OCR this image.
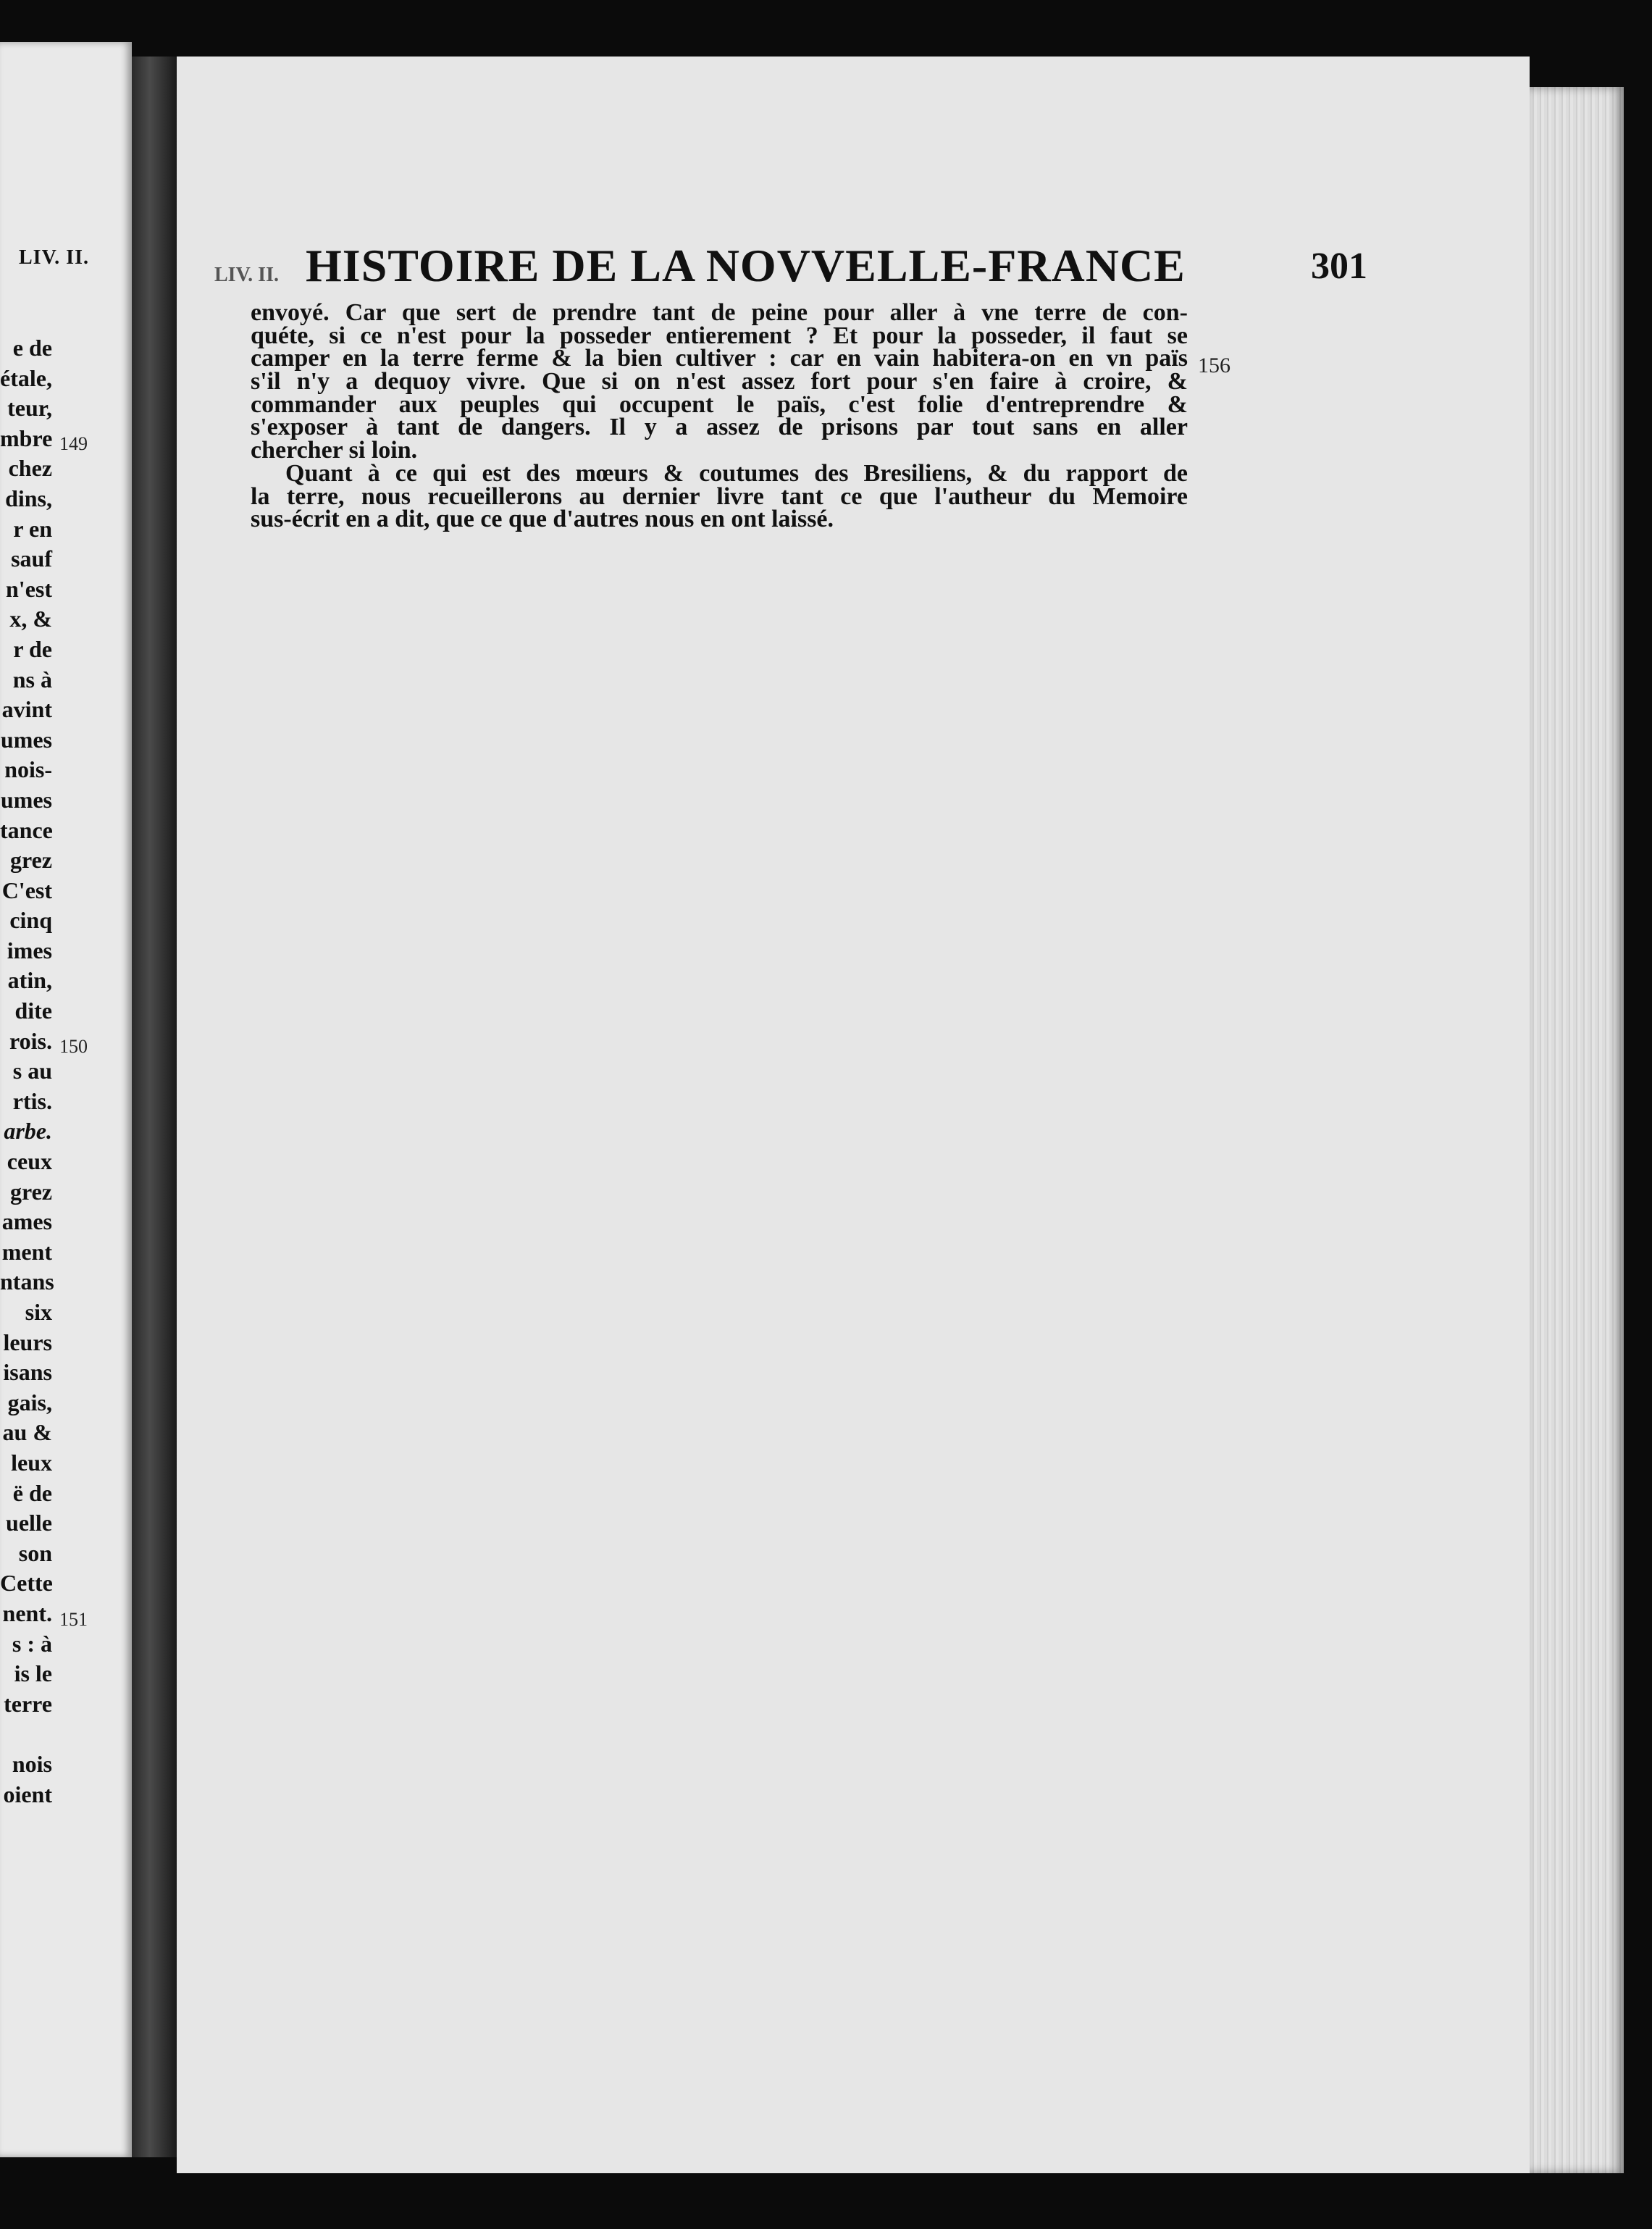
LIV. II.
e de
étale,
teur,
mbre
chez
dins,
r en
sauf
n'est
x, &
r de
ns à
avint
umes
nois-
umes
tance
grez
C'est
cinq
imes
atin,
dite
rois.
s au
rtis.
arbe.
ceux
grez
ames
ment
ntans
six
leurs
isans
gais,
au &
leux
ë de
uelle
son
Cette
nent.
s : à
is le
terre
nois
oient
149
150
151
LIV. II. HISTOIRE DE LA NOVVELLE-FRANCE	301
envoyé. Car que sert de prendre tant de peine pour aller à vne terre de con-
quéte, si ce n'est pour la posseder entierement ? Et pour la posseder, il faut se
camper en la terre ferme & la bien cultiver : car en vain habitera-on en vn païs
s'il n'y a dequoy vivre. Que si on n'est assez fort pour s'en faire à croire, &
commander aux peuples qui occupent le païs, c'est folie d'entreprendre &
s'exposer à tant de dangers. Il y a assez de prisons par tout sans en aller
chercher si loin.
Quant à ce qui est des mœurs & coutumes des Bresiliens, & du rapport de
la terre, nous recueillerons au dernier livre tant ce que l'autheur du Memoire
sus-écrit en a dit, que ce que d'autres nous en ont laissé.
156
